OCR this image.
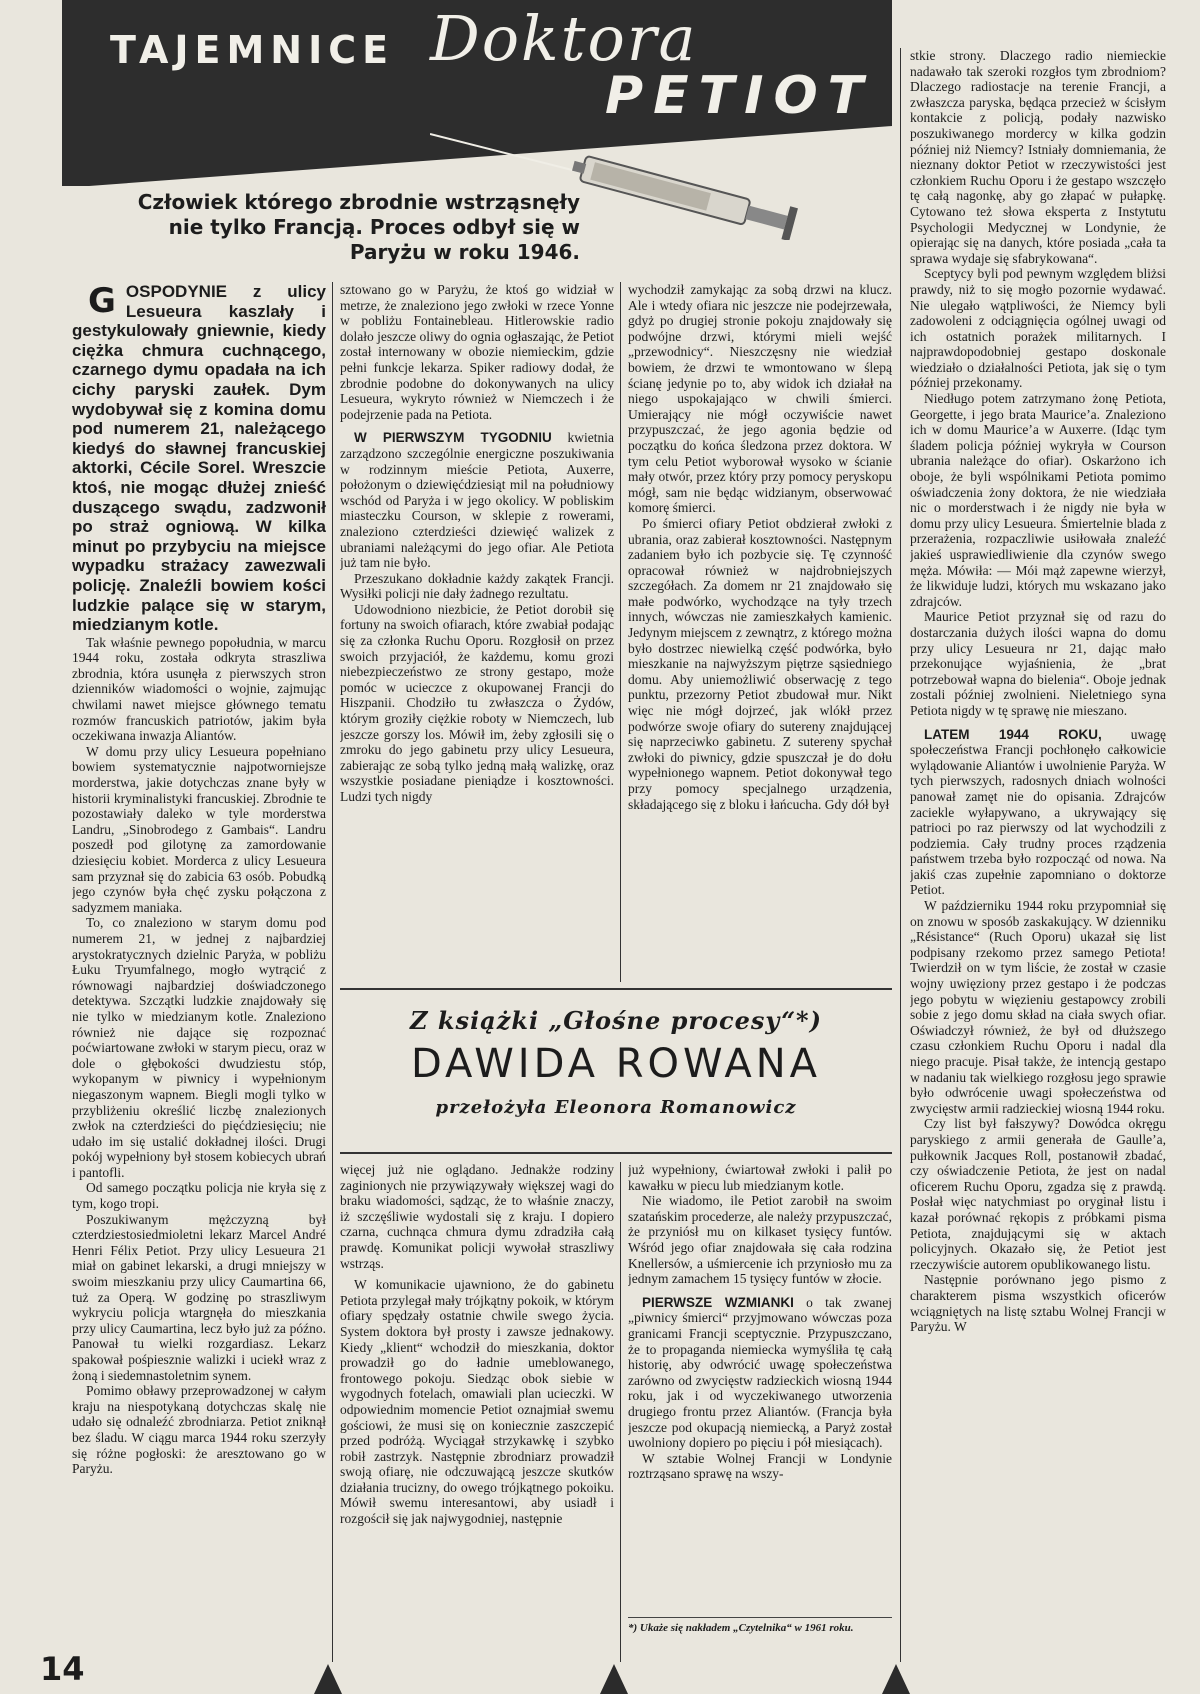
TAJEMNICE Doktora
PETIOT
Człowiek którego zbrodnie wstrząsnęły nie tylko Francją. Proces odbył się w Paryżu w roku 1946.

GOSPODYNIE z ulicy Lesueura kaszlały i gestykulowały gniewnie, kiedy ciężka chmura cuchnącego, czarnego dymu opadała na ich cichy paryski zaułek. Dym wydobywał się z komina domu pod numerem 21, należącego kiedyś do sławnej francuskiej aktorki, Cécile Sorel. Wreszcie ktoś, nie mogąc dłużej znieść duszącego swądu, zadzwonił po straż ogniową. W kilka minut po przybyciu na miejsce wypadku strażacy zawezwali policję. Znaleźli bowiem kości ludzkie palące się w starym, miedzianym kotle.

Tak właśnie pewnego popołudnia, w marcu 1944 roku, została odkryta straszliwa zbrodnia, która usunęła z pierwszych stron dzienników wiadomości o wojnie, zajmując chwilami nawet miejsce głównego tematu rozmów francuskich patriotów, jakim była oczekiwana inwazja Aliantów.

W domu przy ulicy Lesueura popełniano bowiem systematycznie najpotworniejsze morderstwa, jakie dotychczas znane były w historii kryminalistyki francuskiej. Zbrodnie te pozostawiały daleko w tyle morderstwa Landru, „Sinobrodego z Gambais“. Landru poszedł pod gilotynę za zamordowanie dziesięciu kobiet. Morderca z ulicy Lesueura sam przyznał się do zabicia 63 osób. Pobudką jego czynów była chęć zysku połączona z sadyzmem maniaka.

To, co znaleziono w starym domu pod numerem 21, w jednej z najbardziej arystokratycznych dzielnic Paryża, w pobliżu Łuku Tryumfalnego, mogło wytrącić z równowagi najbardziej doświadczonego detektywa. Szczątki ludzkie znajdowały się nie tylko w miedzianym kotle. Znaleziono również nie dające się rozpoznać poćwiartowane zwłoki w starym piecu, oraz w dole o głębokości dwudziestu stóp, wykopanym w piwnicy i wypełnionym niegaszonym wapnem. Biegli mogli tylko w przybliżeniu określić liczbę znalezionych zwłok na czterdzieści do pięćdziesięciu; nie udało im się ustalić dokładnej ilości. Drugi pokój wypełniony był stosem kobiecych ubrań i pantofli.

Od samego początku policja nie kryła się z tym, kogo tropi.

Poszukiwanym mężczyzną był czterdziestosiedmioletni lekarz Marcel André Henri Félix Petiot. Przy ulicy Lesueura 21 miał on gabinet lekarski, a drugi mniejszy w swoim mieszkaniu przy ulicy Caumartina 66, tuż za Operą. W godzinę po straszliwym wykryciu policja wtargnęła do mieszkania przy ulicy Caumartina, lecz było już za późno. Panował tu wielki rozgardiasz. Lekarz spakował pośpiesznie walizki i uciekł wraz z żoną i siedemnastoletnim synem.

Pomimo obławy przeprowadzonej w całym kraju na niespotykaną dotychczas skalę nie udało się odnaleźć zbrodniarza. Petiot zniknął bez śladu. W ciągu marca 1944 roku szerzyły się różne pogłoski: że aresztowano go w Paryżu.

sztowano go w Paryżu, że ktoś go widział w metrze, że znaleziono jego zwłoki w rzece Yonne w pobliżu Fontainebleau. Hitlerowskie radio dolało jeszcze oliwy do ognia ogłaszając, że Petiot został internowany w obozie niemieckim, gdzie pełni funkcje lekarza. Spiker radiowy dodał, że zbrodnie podobne do dokonywanych na ulicy Lesueura, wykryto również w Niemczech i że podejrzenie pada na Petiota.

W PIERWSZYM TYGODNIU kwietnia zarządzono szczególnie energiczne poszukiwania w rodzinnym mieście Petiota, Auxerre, położonym o dziewięćdziesiąt mil na południowy wschód od Paryża i w jego okolicy. W pobliskim miasteczku Courson, w sklepie z rowerami, znaleziono czterdzieści dziewięć walizek z ubraniami należącymi do jego ofiar. Ale Petiota już tam nie było.

Przeszukano dokładnie każdy zakątek Francji. Wysiłki policji nie dały żadnego rezultatu.

Udowodniono niezbicie, że Petiot dorobił się fortuny na swoich ofiarach, które zwabiał podając się za członka Ruchu Oporu. Rozgłosił on przez swoich przyjaciół, że każdemu, komu grozi niebezpieczeństwo ze strony gestapo, może pomóc w ucieczce z okupowanej Francji do Hiszpanii. Chodziło tu zwłaszcza o Żydów, którym groziły ciężkie roboty w Niemczech, lub jeszcze gorszy los. Mówił im, żeby zgłosili się o zmroku do jego gabinetu przy ulicy Lesueura, zabierając ze sobą tylko jedną małą walizkę, oraz wszystkie posiadane pieniądze i kosztowności. Ludzi tych nigdy

wychodził zamykając za sobą drzwi na klucz. Ale i wtedy ofiara nic jeszcze nie podejrzewała, gdyż po drugiej stronie pokoju znajdowały się podwójne drzwi, którymi mieli wejść „przewodnicy“. Nieszczęsny nie wiedział bowiem, że drzwi te wmontowano w ślepą ścianę jedynie po to, aby widok ich działał na niego uspokajająco w chwili śmierci. Umierający nie mógł oczywiście nawet przypuszczać, że jego agonia będzie od początku do końca śledzona przez doktora. W tym celu Petiot wyborował wysoko w ścianie mały otwór, przez który przy pomocy peryskopu mógł, sam nie będąc widzianym, obserwować komorę śmierci.

Po śmierci ofiary Petiot obdzierał zwłoki z ubrania, oraz zabierał kosztowności. Następnym zadaniem było ich pozbycie się. Tę czynność opracował również w najdrobniejszych szczegółach. Za domem nr 21 znajdowało się małe podwórko, wychodzące na tyły trzech innych, wówczas nie zamieszkałych kamienic. Jedynym miejscem z zewnątrz, z którego można było dostrzec niewielką część podwórka, było mieszkanie na najwyższym piętrze sąsiedniego domu. Aby uniemożliwić obserwację z tego punktu, przezorny Petiot zbudował mur. Nikt więc nie mógł dojrzeć, jak wlókł przez podwórze swoje ofiary do sutereny znajdującej się naprzeciwko gabinetu. Z sutereny spychał zwłoki do piwnicy, gdzie spuszczał je do dołu wypełnionego wapnem. Petiot dokonywał tego przy pomocy specjalnego urządzenia, składającego się z bloku i łańcucha. Gdy dół był

Z książki „Głośne procesy“*)
DAWIDA ROWANA
przełożyła Eleonora Romanowicz

więcej już nie oglądano. Jednakże rodziny zaginionych nie przywiązywały większej wagi do braku wiadomości, sądząc, że to właśnie znaczy, iż szczęśliwie wydostali się z kraju. I dopiero czarna, cuchnąca chmura dymu zdradziła całą prawdę. Komunikat policji wywołał straszliwy wstrząs.

W komunikacie ujawniono, że do gabinetu Petiota przylegał mały trójkątny pokoik, w którym ofiary spędzały ostatnie chwile swego życia. System doktora był prosty i zawsze jednakowy. Kiedy „klient“ wchodził do mieszkania, doktor prowadził go do ładnie umeblowanego, frontowego pokoju. Siedząc obok siebie w wygodnych fotelach, omawiali plan ucieczki. W odpowiednim momencie Petiot oznajmiał swemu gościowi, że musi się on koniecznie zaszczepić przed podróżą. Wyciągał strzykawkę i szybko robił zastrzyk. Następnie zbrodniarz prowadził swoją ofiarę, nie odczuwającą jeszcze skutków działania trucizny, do owego trójkątnego pokoiku. Mówił swemu interesantowi, aby usiadł i rozgościł się jak najwygodniej, następnie

już wypełniony, ćwiartował zwłoki i palił po kawałku w piecu lub miedzianym kotle.

Nie wiadomo, ile Petiot zarobił na swoim szatańskim procederze, ale należy przypuszczać, że przyniósł mu on kilkaset tysięcy funtów. Wśród jego ofiar znajdowała się cała rodzina Knellersów, a uśmiercenie ich przyniosło mu za jednym zamachem 15 tysięcy funtów w złocie.

PIERWSZE WZMIANKI o tak zwanej „piwnicy śmierci“ przyjmowano wówczas poza granicami Francji sceptycznie. Przypuszczano, że to propaganda niemiecka wymyśliła tę całą historię, aby odwrócić uwagę społeczeństwa zarówno od zwycięstw radzieckich wiosną 1944 roku, jak i od wyczekiwanego utworzenia drugiego frontu przez Aliantów. (Francja była jeszcze pod okupacją niemiecką, a Paryż został uwolniony dopiero po pięciu i pół miesiącach).

W sztabie Wolnej Francji w Londynie roztrząsano sprawę na wszy-

*) Ukaże się nakładem „Czytelnika“ w 1961 roku.

stkie strony. Dlaczego radio niemieckie nadawało tak szeroki rozgłos tym zbrodniom? Dlaczego radiostacje na terenie Francji, a zwłaszcza paryska, będąca przecież w ścisłym kontakcie z policją, podały nazwisko poszukiwanego mordercy w kilka godzin później niż Niemcy? Istniały domniemania, że nieznany doktor Petiot w rzeczywistości jest członkiem Ruchu Oporu i że gestapo wszczęło tę całą nagonkę, aby go złapać w pułapkę. Cytowano też słowa eksperta z Instytutu Psychologii Medycznej w Londynie, że opierając się na danych, które posiada „cała ta sprawa wydaje się sfabrykowana“.

Sceptycy byli pod pewnym względem bliżsi prawdy, niż to się mogło pozornie wydawać. Nie ulegało wątpliwości, że Niemcy byli zadowoleni z odciągnięcia ogólnej uwagi od ich ostatnich porażek militarnych. I najprawdopodobniej gestapo doskonale wiedziało o działalności Petiota, jak się o tym później przekonamy.

Niedługo potem zatrzymano żonę Petiota, Georgette, i jego brata Maurice’a. Znaleziono ich w domu Maurice’a w Auxerre. (Idąc tym śladem policja później wykryła w Courson ubrania należące do ofiar). Oskarżono ich oboje, że byli wspólnikami Petiota pomimo oświadczenia żony doktora, że nie wiedziała nic o morderstwach i że nigdy nie była w domu przy ulicy Lesueura. Śmiertelnie blada z przerażenia, rozpaczliwie usiłowała znaleźć jakieś usprawiedliwienie dla czynów swego męża. Mówiła: — Mói mąż zapewne wierzył, że likwiduje ludzi, których mu wskazano jako zdrajców.

Maurice Petiot przyznał się od razu do dostarczania dużych ilości wapna do domu przy ulicy Lesueura nr 21, dając mało przekonujące wyjaśnienia, że „brat potrzebował wapna do bielenia“. Oboje jednak zostali później zwolnieni. Nieletniego syna Petiota nigdy w tę sprawę nie mieszano.

LATEM 1944 ROKU, uwagę społeczeństwa Francji pochłonęło całkowicie wylądowanie Aliantów i uwolnienie Paryża. W tych pierwszych, radosnych dniach wolności panował zamęt nie do opisania. Zdrajców zaciekle wyłapywano, a ukrywający się patrioci po raz pierwszy od lat wychodzili z podziemia. Cały trudny proces rządzenia państwem trzeba było rozpocząć od nowa. Na jakiś czas zupełnie zapomniano o doktorze Petiot.

W październiku 1944 roku przypomniał się on znowu w sposób zaskakujący. W dzienniku „Résistance“ (Ruch Oporu) ukazał się list podpisany rzekomo przez samego Petiota! Twierdził on w tym liście, że został w czasie wojny uwięziony przez gestapo i że podczas jego pobytu w więzieniu gestapowcy zrobili sobie z jego domu skład na ciała swych ofiar. Oświadczył również, że był od dłuższego czasu członkiem Ruchu Oporu i nadal dla niego pracuje. Pisał także, że intencją gestapo w nadaniu tak wielkiego rozgłosu jego sprawie było odwrócenie uwagi społeczeństwa od zwycięstw armii radzieckiej wiosną 1944 roku.

Czy list był fałszywy? Dowódca okręgu paryskiego z armii generała de Gaulle’a, pułkownik Jacques Roll, postanowił zbadać, czy oświadczenie Petiota, że jest on nadal oficerem Ruchu Oporu, zgadza się z prawdą. Posłał więc natychmiast po oryginał listu i kazał porównać rękopis z próbkami pisma Petiota, znajdującymi się w aktach policyjnych. Okazało się, że Petiot jest rzeczywiście autorem opublikowanego listu.

Następnie porównano jego pismo z charakterem pisma wszystkich oficerów wciągniętych na listę sztabu Wolnej Francji w Paryżu. W

14
